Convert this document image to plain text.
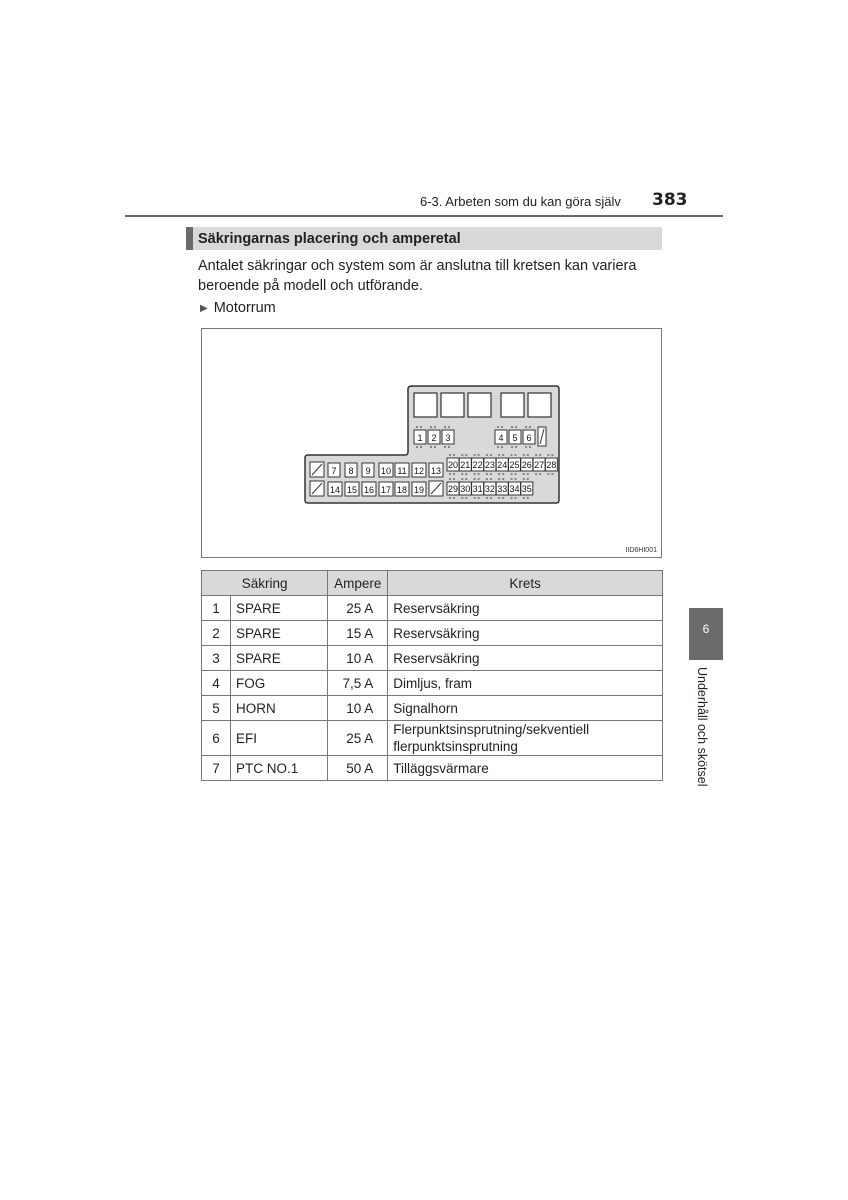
6-3. Arbeten som du kan göra själv 383
Säkringarnas placering och amperetal
Antalet säkringar och system som är anslutna till kretsen kan variera beroende på modell och utförande.
▶ Motorrum
1 2 3	4 5 6
7 8 9 10 11 12 13
14 15 16 17 18 19
20 21 22 23 24 25 26 27 28
29 30 31 32 33 34 35
IID6HI001
Säkring		Ampere	Krets
1	SPARE	25 A	Reservsäkring
2	SPARE	15 A	Reservsäkring
3	SPARE	10 A	Reservsäkring
4	FOG	7,5 A	Dimljus, fram
5	HORN	10 A	Signalhorn
6	EFI	25 A	Flerpunktsinsprutning/sekventiell
flerpunktsinsprutning
7	PTC NO.1	50 A	Tilläggsvärmare
6
Underhåll och skötsel
